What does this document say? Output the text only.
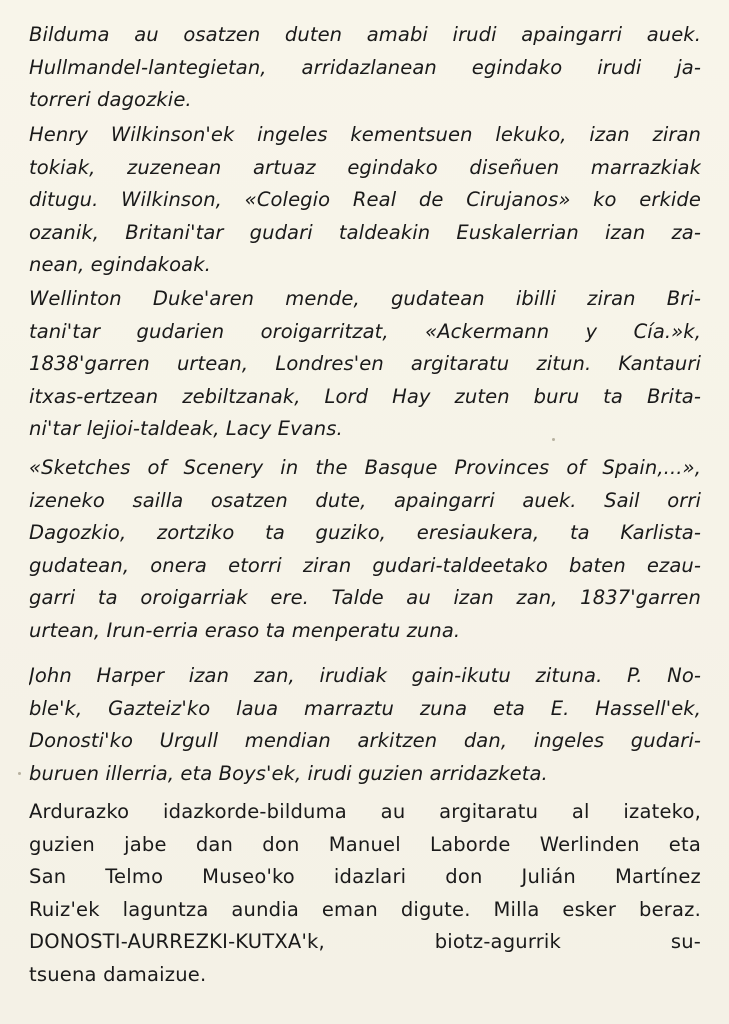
Bilduma au osatzen duten amabi irudi apaingarri auek.
Hullmandel-lantegietan, arridazlanean egindako irudi ja-
torreri dagozkie.
Henry Wilkinson'ek ingeles kementsuen lekuko, izan ziran
tokiak, zuzenean artuaz egindako diseñuen marrazkiak
ditugu. Wilkinson, «Colegio Real de Cirujanos» ko erkide
ozanik, Britani'tar gudari taldeakin Euskalerrian izan za-
nean, egindakoak.
Wellinton Duke'aren mende, gudatean ibilli ziran Bri-
tani'tar gudarien oroigarritzat, «Ackermann y Cía.»k,
1838'garren urtean, Londres'en argitaratu zitun. Kantauri
itxas-ertzean zebiltzanak, Lord Hay zuten buru ta Brita-
ni'tar lejioi-taldeak, Lacy Evans.
«Sketches of Scenery in the Basque Provinces of Spain,...»,
izeneko sailla osatzen dute, apaingarri auek. Sail orri
Dagozkio, zortziko ta guziko, eresiaukera, ta Karlista-
gudatean, onera etorri ziran gudari-taldeetako baten ezau-
garri ta oroigarriak ere. Talde au izan zan, 1837'garren
urtean, Irun-erria eraso ta menperatu zuna.
John Harper izan zan, irudiak gain-ikutu zituna. P. No-
ble'k, Gazteiz'ko laua marraztu zuna eta E. Hassell'ek,
Donosti'ko Urgull mendian arkitzen dan, ingeles gudari-
buruen illerria, eta Boys'ek, irudi guzien arridazketa.
Ardurazko idazkorde-bilduma au argitaratu al izateko,
guzien jabe dan don Manuel Laborde Werlinden eta
San Telmo Museo'ko idazlari don Julián Martínez
Ruiz'ek laguntza aundia eman digute. Milla esker beraz.
DONOSTI-AURREZKI-KUTXA'k, biotz-agurrik su-
tsuena damaizue.
